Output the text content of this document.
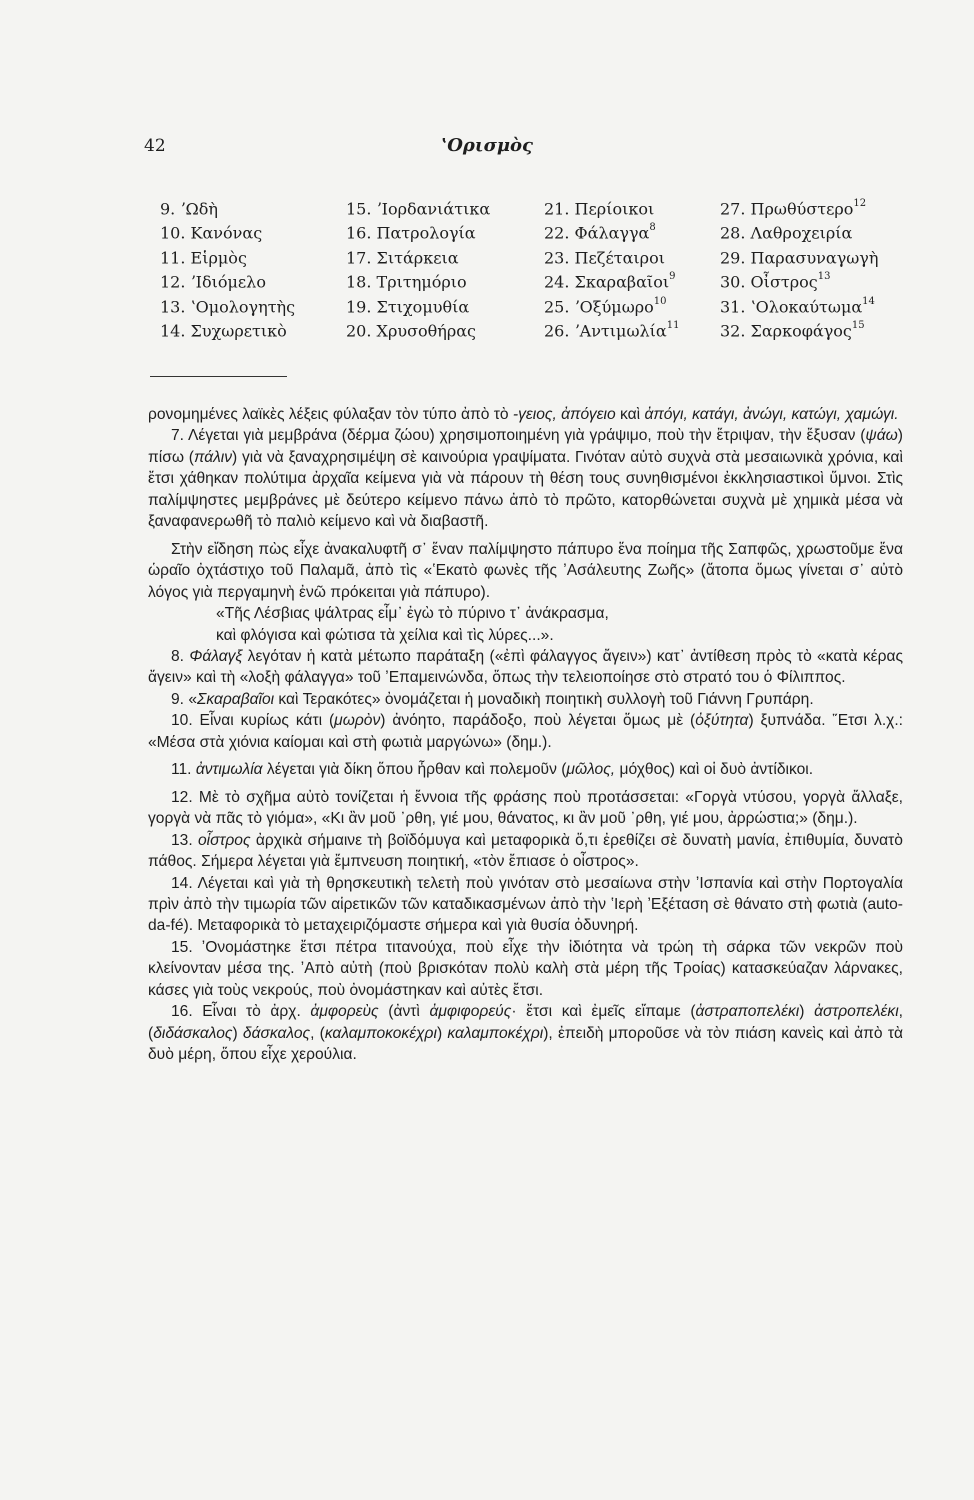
42	ʽΟρισμὸς
9. ʼΩδὴ
10. Κανόνας
11. Εἱρμὸς
12. ʼΙδιόμελο
13. ʽΟμολογητὴς
14. Συχωρετικὸ
15. ʼΙορδανιάτικα
16. Πατρολογία
17. Σιτάρκεια
18. Τριτημόριο
19. Στιχομυθία
20. Χρυσοθήρας
21. Περίοικοι
22. Φάλαγγα$^8$
23. Πεζέταιροι
24. Σκαραβαῖοι$^9$
25. ʼΟξύμωρο$^{10}$
26. ʼΑντιμωλία$^{11}$
27. Πρωθύστερο$^{12}$
28. Λαθροχειρία
29. Παρασυναγωγὴ
30. Οἶστρος$^{13}$
31. ʽΟλοκαύτωμα$^{14}$
32. Σαρκοφάγος$^{15}$

ρονομημένες λαϊκὲς λέξεις φύλαξαν τὸν τύπο ἀπὸ τὸ -γειος, ἀπόγειο καὶ ἀπόγι, κατάγι, ἀνώγι, κατώγι, χαμώγι.

7. Λέγεται γιὰ μεμβράνα (δέρμα ζώου) χρησιμοποιημένη γιὰ γράψιμο, ποὺ τὴν ἔτριψαν, τὴν ἔξυσαν (ψάω) πίσω (πάλιν) γιὰ νὰ ξαναχρησιμέψη σὲ καινούρια γραψίματα. Γινόταν αὐτὸ συχνὰ στὰ μεσαιωνικὰ χρόνια, καὶ ἔτσι χάθηκαν πολύτιμα ἀρχαῖα κείμενα γιὰ νὰ πάρουν τὴ θέση τους συνηθισμένοι ἐκκλησιαστικοὶ ὕμνοι. Στὶς παλίμψηστες μεμβράνες μὲ δεύτερο κείμενο πάνω ἀπὸ τὸ πρῶτο, κατορθώνεται συχνὰ μὲ χημικὰ μέσα νὰ ξαναφανερωθῆ τὸ παλιὸ κείμενο καὶ νὰ διαβαστῆ.

Στὴν εἴδηση πὼς εἶχε ἀνακαλυφτῆ σ᾽ ἕναν παλίμψηστο πάπυρο ἕνα ποίημα τῆς Σαπφῶς, χρωστοῦμε ἕνα ὡραῖο ὀχτάστιχο τοῦ Παλαμᾶ, ἀπὸ τὶς «ʽΕκατὸ φωνὲς τῆς ʼΑσάλευτης Ζωῆς» (ἄτοπα ὅμως γίνεται σ᾽ αὐτὸ λόγος γιὰ περγαμηνὴ ἐνῶ πρόκειται γιὰ πάπυρο).

«Τῆς Λέσβιας ψάλτρας εἶμ᾽ ἐγὼ τὸ πύρινο τ᾽ ἀνάκρασμα,

καὶ φλόγισα καὶ φώτισα τὰ χείλια καὶ τὶς λύρες...».

8. Φάλαγξ λεγόταν ἡ κατὰ μέτωπο παράταξη («ἐπὶ φάλαγγος ἄγειν») κατ᾽ ἀντίθεση πρὸς τὸ «κατὰ κέρας ἄγειν» καὶ τὴ «λοξὴ φάλαγγα» τοῦ ʼΕπαμεινώνδα, ὅπως τὴν τελειοποίησε στὸ στρατό του ὁ Φίλιππος.

9. «Σκαραβαῖοι καὶ Τερακότες» ὀνομάζεται ἡ μοναδικὴ ποιητικὴ συλλογὴ τοῦ Γιάννη Γρυπάρη.

10. Εἶναι κυρίως κάτι (μωρὸν) ἀνόητο, παράδοξο, ποὺ λέγεται ὅμως μὲ (ὀξύτητα) ξυπνάδα. ῞Ετσι λ.χ.: «Μέσα στὰ χιόνια καίομαι καὶ στὴ φωτιὰ μαργώνω» (δημ.).

11. ἀντιμωλία λέγεται γιὰ δίκη ὅπου ἦρθαν καὶ πολεμοῦν (μῶλος, μόχθος) καὶ οἱ δυὸ ἀντίδικοι.

12. Μὲ τὸ σχῆμα αὐτὸ τονίζεται ἡ ἔννοια τῆς φράσης ποὺ προτάσσεται: «Γοργὰ ντύσου, γοργὰ ἄλλαξε, γοργὰ νὰ πᾶς τὸ γιόμα», «Κι ἂν μοῦ ᾽ρθη, γιέ μου, θάνατος, κι ἂν μοῦ ᾽ρθη, γιέ μου, ἀρρώστια;» (δημ.).

13. οἶστρος ἀρχικὰ σήμαινε τὴ βοϊδόμυγα καὶ μεταφορικὰ ὅ,τι ἐρεθίζει σὲ δυνατὴ μανία, ἐπιθυμία, δυνατὸ πάθος. Σήμερα λέγεται γιὰ ἔμπνευση ποιητική, «τὸν ἔπιασε ὁ οἶστρος».

14. Λέγεται καὶ γιὰ τὴ θρησκευτικὴ τελετὴ ποὺ γινόταν στὸ μεσαίωνα στὴν ʼΙσπανία καὶ στὴν Πορτογαλία πρὶν ἀπὸ τὴν τιμωρία τῶν αἱρετικῶν τῶν καταδικασμένων ἀπὸ τὴν ʽΙερὴ ʼΕξέταση σὲ θάνατο στὴ φωτιὰ (auto-da-fé). Μεταφορικὰ τὸ μεταχειριζόμαστε σήμερα καὶ γιὰ θυσία ὀδυνηρή.

15. ʼΟνομάστηκε ἔτσι πέτρα τιτανούχα, ποὺ εἶχε τὴν ἰδιότητα νὰ τρώη τὴ σάρκα τῶν νεκρῶν ποὺ κλείνονταν μέσα της. ʼΑπὸ αὐτὴ (ποὺ βρισκόταν πολὺ καλὴ στὰ μέρη τῆς Τροίας) κατασκεύαζαν λάρνακες, κάσες γιὰ τοὺς νεκρούς, ποὺ ὀνομάστηκαν καὶ αὐτὲς ἔτσι.

16. Εἶναι τὸ ἀρχ. ἀμφορεὺς (ἀντὶ ἀμφιφορεύς· ἔτσι καὶ ἐμεῖς εἴπαμε (ἀστραποπελέκι) ἀστροπελέκι, (διδάσκαλος) δάσκαλος, (καλαμποκοκέχρι) καλαμποκέχρι), ἐπειδὴ μποροῦσε νὰ τὸν πιάση κανεὶς καὶ ἀπὸ τὰ δυὸ μέρη, ὅπου εἶχε χερούλια.
